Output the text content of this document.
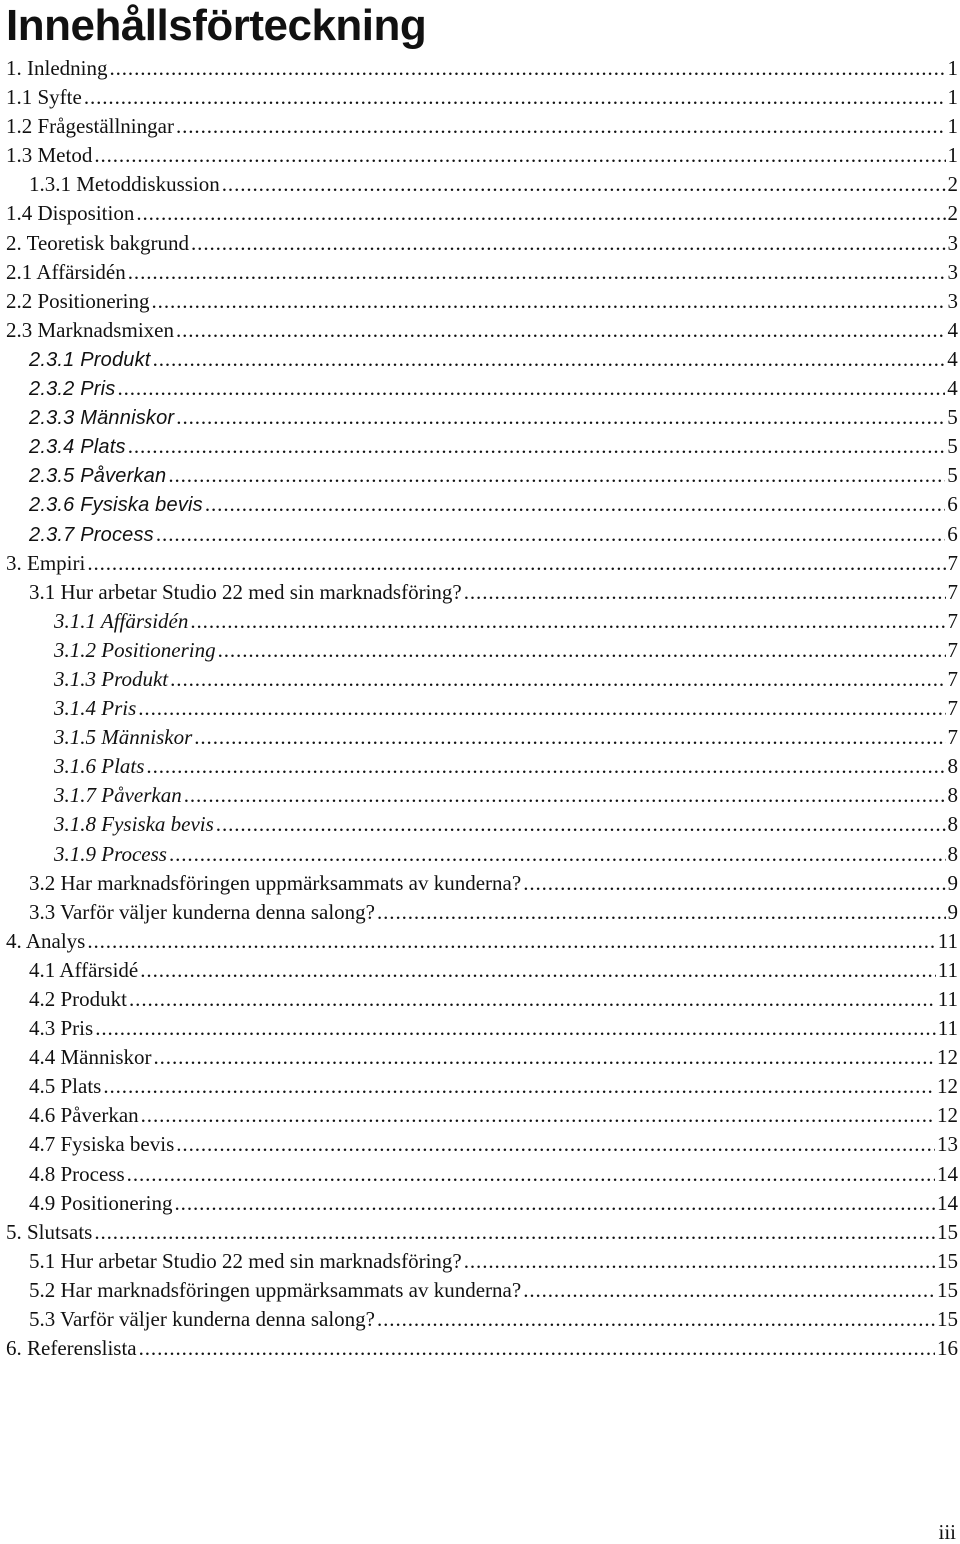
Innehållsförteckning
1. Inledning .....	1
1.1 Syfte .....	1
1.2 Frågeställningar .....	1
1.3 Metod .....	1
1.3.1 Metoddiskussion .....	2
1.4 Disposition .....	2
2. Teoretisk bakgrund .....	3
2.1 Affärsidén .....	3
2.2 Positionering .....	3
2.3 Marknadsmixen .....	4
2.3.1 Produkt .....	4
2.3.2 Pris .....	4
2.3.3 Människor .....	5
2.3.4 Plats .....	5
2.3.5 Påverkan .....	5
2.3.6 Fysiska bevis .....	6
2.3.7 Process .....	6
3. Empiri .....	7
3.1 Hur arbetar Studio 22 med sin marknadsföring? .....	7
3.1.1 Affärsidén .....	7
3.1.2 Positionering .....	7
3.1.3 Produkt .....	7
3.1.4 Pris .....	7
3.1.5 Människor .....	7
3.1.6 Plats .....	8
3.1.7 Påverkan .....	8
3.1.8 Fysiska bevis .....	8
3.1.9 Process .....	8
3.2 Har marknadsföringen uppmärksammats av kunderna? .....	9
3.3 Varför väljer kunderna denna salong? .....	9
4. Analys .....	11
4.1 Affärsidé .....	11
4.2 Produkt .....	11
4.3 Pris .....	11
4.4 Människor .....	12
4.5 Plats .....	12
4.6 Påverkan .....	12
4.7 Fysiska bevis .....	13
4.8 Process .....	14
4.9 Positionering .....	14
5. Slutsats .....	15
5.1 Hur arbetar Studio 22 med sin marknadsföring? .....	15
5.2 Har marknadsföringen uppmärksammats av kunderna? .....	15
5.3 Varför väljer kunderna denna salong? .....	15
6. Referenslista .....	16
iii
